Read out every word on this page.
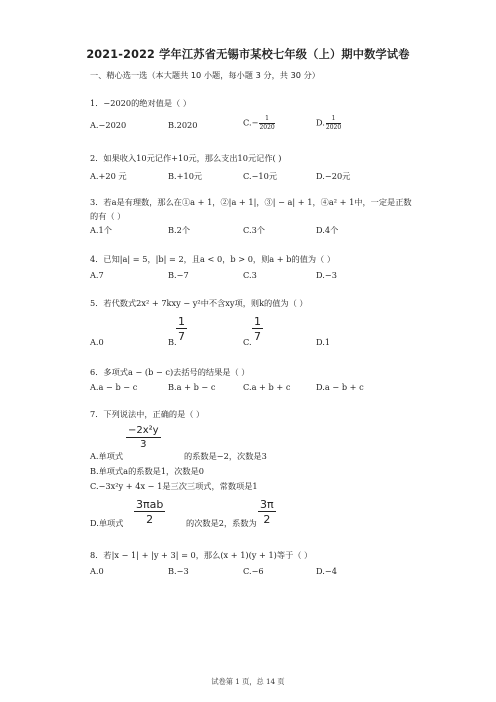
2021-2022 学年江苏省无锡市某校七年级（上）期中数学试卷
一、精心选一选（本大题共 10 小题，每小题 3 分，共 30 分）
1．−2020的绝对值是（ ）
A.−2020	B.2020	$C.- \frac{1}{2020}$	D. $\frac{1}{2020}$
2．如果收入10元记作+10元，那么支出10元记作( )
A.+20 元	B.+10元	C.−10元	D.−20元
3．若a是有理数，那么在①a + 1，②|a + 1|，③| − a| + 1，④a² + 1中，一定是正数
的有（ ）
A.1个	B.2个	C.3个	D.4个
4．已知|a| = 5，|b| = 2，且a < 0，b > 0，则a + b的值为（ ）
A.7	B.−7	C.3	D.−3
5．若代数式2x² + 7kxy − y²中不含xy项，则k的值为（ ）
A.0	B. $\frac{1}{7}$	C. $\frac{1}{7}$	D.1
6．多项式a − (b − c)去括号的结果是（ ）
A.a − b − c	B.a + b − c	C.a + b + c	D.a − b + c
7．下列说法中，正确的是（ ）
$\frac{\text{−2x²y}}{3}$
A.单项式	的系数是−2，次数是3
B.单项式a的系数是1，次数是0
C.−3x²y + 4x − 1是三次三项式，常数项是1
D.单项式
3πab
2	的次数是2，系数为 $\frac{3\pi}{2}$
8．若|x − 1| + |y + 3| = 0，那么(x + 1)(y + 1)等于（ ）
A.0	B.−3	C.−6	D.−4
试卷第 1 页，总 14 页
